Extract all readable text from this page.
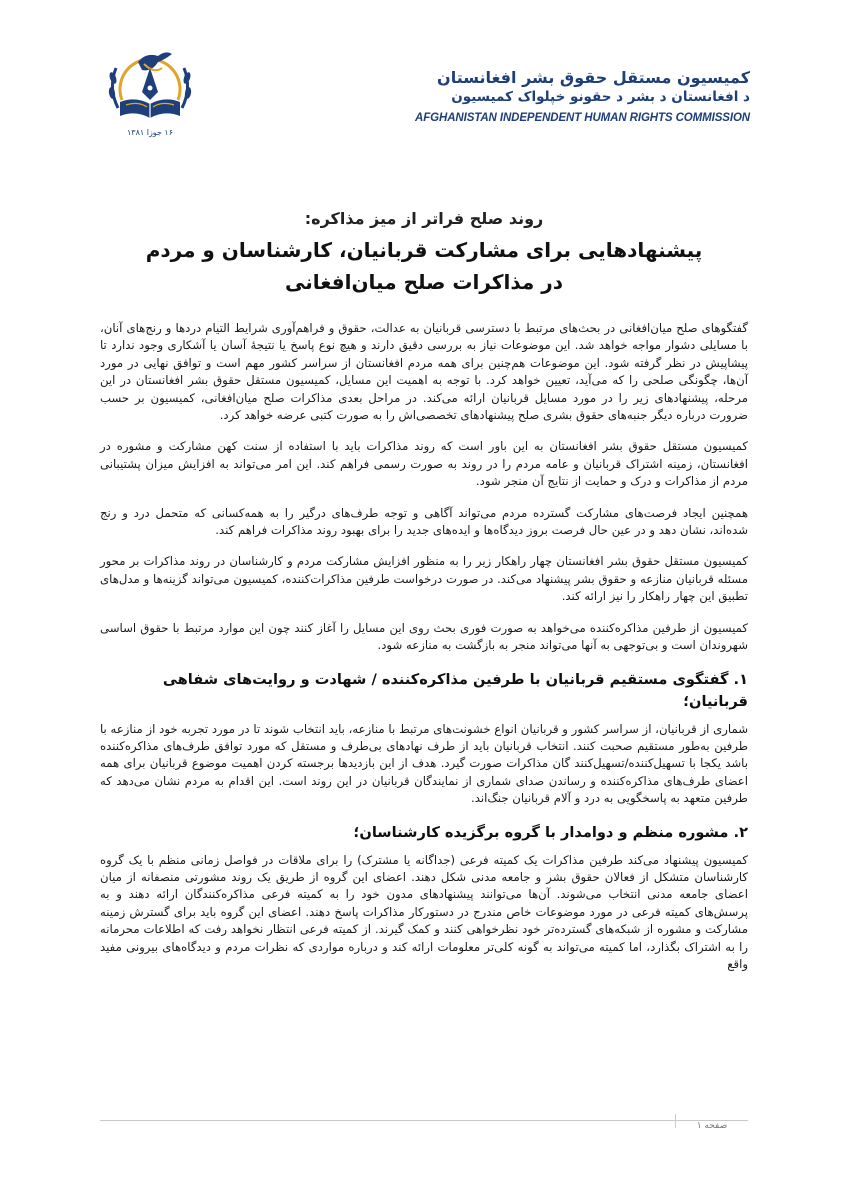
۱۶ جوزا ۱۳۸۱

کمیسیون مستقل حقوق بشر افغانستان

د افغانستان د بشر د حقونو خپلواک کمیسیون

AFGHANISTAN INDEPENDENT HUMAN RIGHTS COMMISSION

روند صلح فراتر از میز مذاکره:

پیشنهادهایی برای مشارکت قربانیان، کارشناسان و مردم

در مذاکرات صلح میان‌افغانی

گفتگوهای صلح میان‌افغانی در بحث‌های مرتبط با دسترسی قربانیان به عدالت، حقوق و فراهم‌آوری شرایط التیام دردها و رنج‌های آنان، با مسایلی دشوار مواجه خواهد شد. این موضوعات نیاز به بررسی دقیق دارند و هیچ نوع پاسخ یا نتیجهٔ آسان یا آشکاری وجود ندارد تا پیشاپیش در نظر گرفته شود. این موضوعات هم‌چنین برای همه مردم افغانستان از سراسر کشور مهم است و توافق نهایی در مورد آن‌ها، چگونگی صلحی را که می‌آید، تعیین خواهد کرد. با توجه به اهمیت این مسایل، کمیسیون مستقل حقوق بشر افغانستان در این مرحله، پیشنهادهای زیر را در مورد مسایل قربانیان ارائه می‌کند. در مراحل بعدی مذاکرات صلح میان‌افغانی، کمیسیون بر حسب ضرورت درباره دیگر جنبه‌های حقوق بشری صلح پیشنهادهای تخصصی‌اش را به صورت کتبی عرضه خواهد کرد.

کمیسیون مستقل حقوق بشر افغانستان به این باور است که روند مذاکرات باید با استفاده از سنت کهن مشارکت و مشوره در افغانستان، زمینه اشتراک قربانیان و عامه مردم را در روند به صورت رسمی فراهم کند. این امر می‌تواند به افزایش میزان پشتیبانی مردم از مذاکرات و درک و حمایت از نتایج آن منجر شود.

همچنین ایجاد فرصت‌های مشارکت گسترده مردم می‌تواند آگاهی و توجه طرف‌های درگیر را به همه‌کسانی که متحمل درد و رنج شده‌اند، نشان دهد و در عین حال فرصت بروز دیدگاه‌ها و ایده‌های جدید را برای بهبود روند مذاکرات فراهم کند.

کمیسیون مستقل حقوق بشر افغانستان چهار راهکار زیر را به منظور افزایش مشارکت مردم و کارشناسان در روند مذاکرات بر محور مسئله قربانیان منازعه و حقوق بشر پیشنهاد می‌کند. در صورت درخواست طرفین مذاکرات‌کننده، کمیسیون می‌تواند گزینه‌ها و مدل‌های تطبیق این چهار راهکار را نیز ارائه کند.

کمیسیون از طرفین مذاکره‌کننده می‌خواهد به صورت فوری بحث روی این مسایل را آغاز کنند چون این موارد مرتبط با حقوق اساسی شهروندان است و بی‌توجهی به آنها می‌تواند منجر به بازگشت به منازعه شود.

۱. گفتگوی مستقیم قربانیان با طرفین مذاکره‌کننده / شهادت و روایت‌های شفاهی قربانیان؛

شماری از قربانیان، از سراسر کشور و قربانیان انواع خشونت‌های مرتبط با منازعه، باید انتخاب شوند تا در مورد تجربه خود از منازعه با طرفین به‌طور مستقیم صحبت کنند. انتخاب قربانیان باید از طرف نهادهای بی‌طرف و مستقل که مورد توافق طرف‌های مذاکره‌کننده باشد یکجا با تسهیل‌کننده/تسهیل‌کنند گان مذاکرات صورت گیرد. هدف از این بازدیدها برجسته کردن اهمیت موضوع قربانیان برای همه اعضای طرف‌های مذاکره‌کننده و رساندن صدای شماری از نمایندگان قربانیان در این روند است. این اقدام به مردم نشان می‌دهد که طرفین متعهد به پاسخگویی به درد و آلام قربانیان جنگ‌اند.

۲. مشوره منظم و دوامدار با گروه برگزیده کارشناسان؛

کمیسیون پیشنهاد می‌کند طرفین مذاکرات یک کمیته فرعی (جداگانه یا مشترک) را برای ملاقات در فواصل زمانی منظم با یک گروه کارشناسان متشکل از فعالان حقوق بشر و جامعه مدنی شکل دهند. اعضای این گروه از طریق یک روند مشورتی منصفانه از میان اعضای جامعه مدنی انتخاب می‌شوند. آن‌ها می‌توانند پیشنهادهای مدون خود را به کمیته فرعی مذاکره‌کنندگان ارائه دهند و به پرسش‌های کمیته فرعی در مورد موضوعات خاص مندرج در دستورکار مذاکرات پاسخ دهند. اعضای این گروه باید برای گسترش زمینه مشارکت و مشوره از شبکه‌های گسترده‌تر خود نظرخواهی کنند و کمک گیرند. از کمیته فرعی انتظار نخواهد رفت که اطلاعات محرمانه را به اشتراک بگذارد، اما کمیته می‌تواند به گونه کلی‌تر معلومات ارائه کند و درباره مواردی که نظرات مردم و دیدگاه‌های بیرونی مفید واقع

صفحه ۱
